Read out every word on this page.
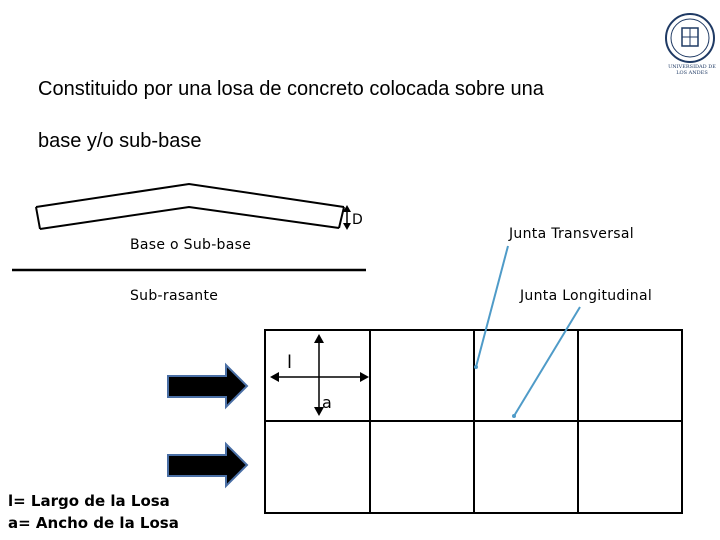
Constituido por una losa de concreto colocada sobre una
base y/o sub-base
UNIVERSIDAD DE LOS ANDES
D
Base o Sub-base
Sub-rasante
Junta Transversal
Junta Longitudinal
l
a
l= Largo de la Losa
a= Ancho de la Losa
